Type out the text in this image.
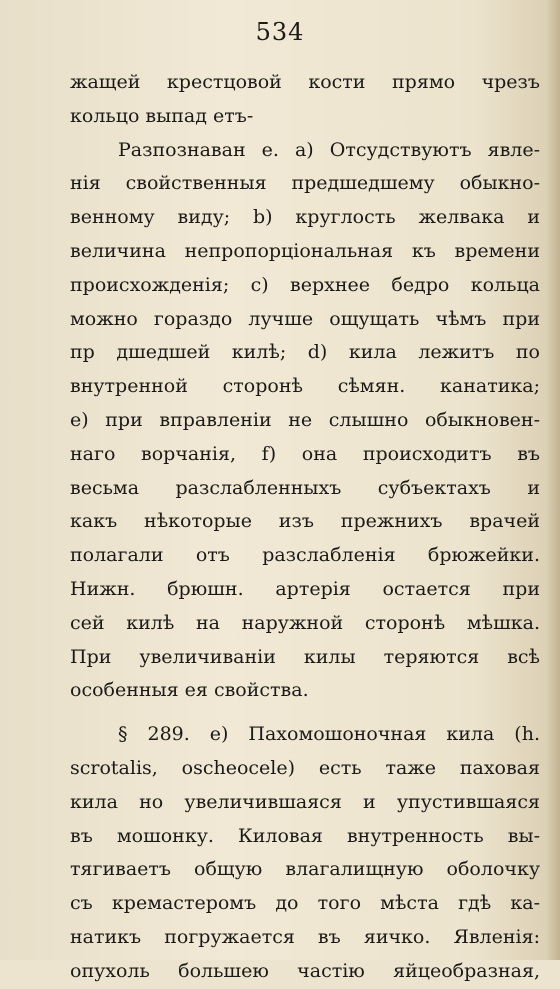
534
жащей крестцовой кости прямо чрезъ
кольцо выпад етъ-
Разпознаван е. а) Отсудствуютъ явле-
нія свойственныя предшедшему обыкно-
венному виду; b) круглость желвака и
величина непропорціональная къ времени
происхожденія; с) верхнее бедро кольца
можно гораздо лучше ощущать чѣмъ при
пр дшедшей килѣ; d) кила лежитъ по
внутренной сторонѣ сѣмян. канатика;
е) при вправленіи не слышно обыкновен-
наго ворчанія, f) она происходитъ въ
весьма разслабленныхъ субъектахъ и
какъ нѣкоторые изъ прежнихъ врачей
полагали отъ разслабленія брюжейки.
Нижн. брюшн. артерія остается при
сей килѣ на наружной сторонѣ мѣшка.
При увеличиваніи килы теряются всѣ
особенныя ея свойства.
§ 289. е) Пахомошоночная кила (h.
scrotalis, oscheocele) есть таже паховая
кила но увеличившаяся и упустившаяся
въ мошонку. Киловая внутренность вы-
тягиваетъ общую влагалищную оболочку
съ кремастеромъ до того мѣста гдѣ ка-
натикъ погружается въ яичко. Явленія:
опухоль большею частію яйцеобразная,
